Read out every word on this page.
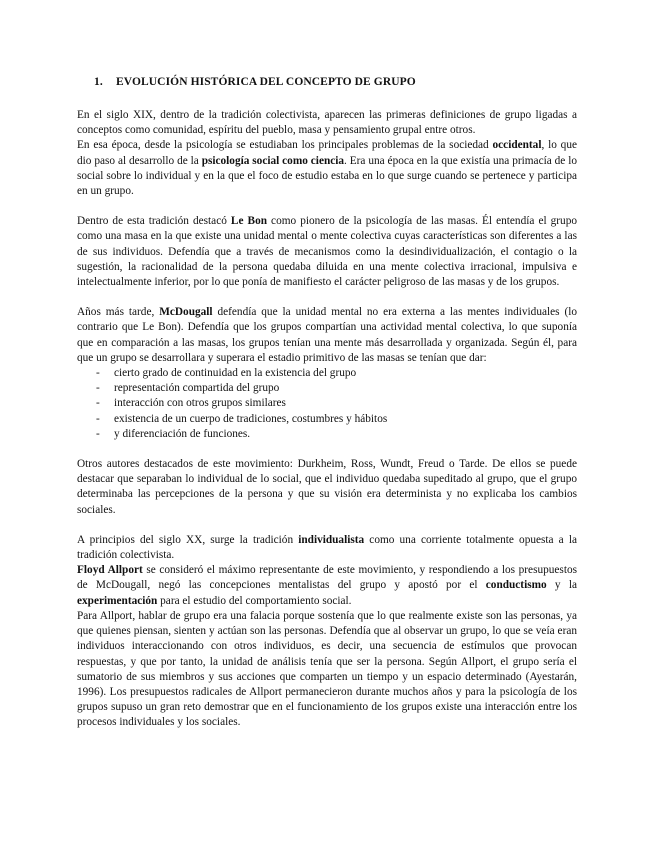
1. EVOLUCIÓN HISTÓRICA DEL CONCEPTO DE GRUPO

En el siglo XIX, dentro de la tradición colectivista, aparecen las primeras definiciones de grupo ligadas a conceptos como comunidad, espíritu del pueblo, masa y pensamiento grupal entre otros.

En esa época, desde la psicología se estudiaban los principales problemas de la sociedad occidental, lo que dio paso al desarrollo de la psicología social como ciencia. Era una época en la que existía una primacía de lo social sobre lo individual y en la que el foco de estudio estaba en lo que surge cuando se pertenece y participa en un grupo.

Dentro de esta tradición destacó Le Bon como pionero de la psicología de las masas. Él entendía el grupo como una masa en la que existe una unidad mental o mente colectiva cuyas características son diferentes a las de sus individuos. Defendía que a través de mecanismos como la desindividualización, el contagio o la sugestión, la racionalidad de la persona quedaba diluida en una mente colectiva irracional, impulsiva e intelectualmente inferior, por lo que ponía de manifiesto el carácter peligroso de las masas y de los grupos.

Años más tarde, McDougall defendía que la unidad mental no era externa a las mentes individuales (lo contrario que Le Bon). Defendía que los grupos compartían una actividad mental colectiva, lo que suponía que en comparación a las masas, los grupos tenían una mente más desarrollada y organizada. Según él, para que un grupo se desarrollara y superara el estadio primitivo de las masas se tenían que dar:

- cierto grado de continuidad en la existencia del grupo
- representación compartida del grupo
- interacción con otros grupos similares
- existencia de un cuerpo de tradiciones, costumbres y hábitos
- y diferenciación de funciones.

Otros autores destacados de este movimiento: Durkheim, Ross, Wundt, Freud o Tarde. De ellos se puede destacar que separaban lo individual de lo social, que el individuo quedaba supeditado al grupo, que el grupo determinaba las percepciones de la persona y que su visión era determinista y no explicaba los cambios sociales.

A principios del siglo XX, surge la tradición individualista como una corriente totalmente opuesta a la tradición colectivista.

Floyd Allport se consideró el máximo representante de este movimiento, y respondiendo a los presupuestos de McDougall, negó las concepciones mentalistas del grupo y apostó por el conductismo y la experimentación para el estudio del comportamiento social.

Para Allport, hablar de grupo era una falacia porque sostenía que lo que realmente existe son las personas, ya que quienes piensan, sienten y actúan son las personas. Defendía que al observar un grupo, lo que se veía eran individuos interaccionando con otros individuos, es decir, una secuencia de estímulos que provocan respuestas, y que por tanto, la unidad de análisis tenía que ser la persona. Según Allport, el grupo sería el sumatorio de sus miembros y sus acciones que comparten un tiempo y un espacio determinado (Ayestarán, 1996). Los presupuestos radicales de Allport permanecieron durante muchos años y para la psicología de los grupos supuso un gran reto demostrar que en el funcionamiento de los grupos existe una interacción entre los procesos individuales y los sociales.
